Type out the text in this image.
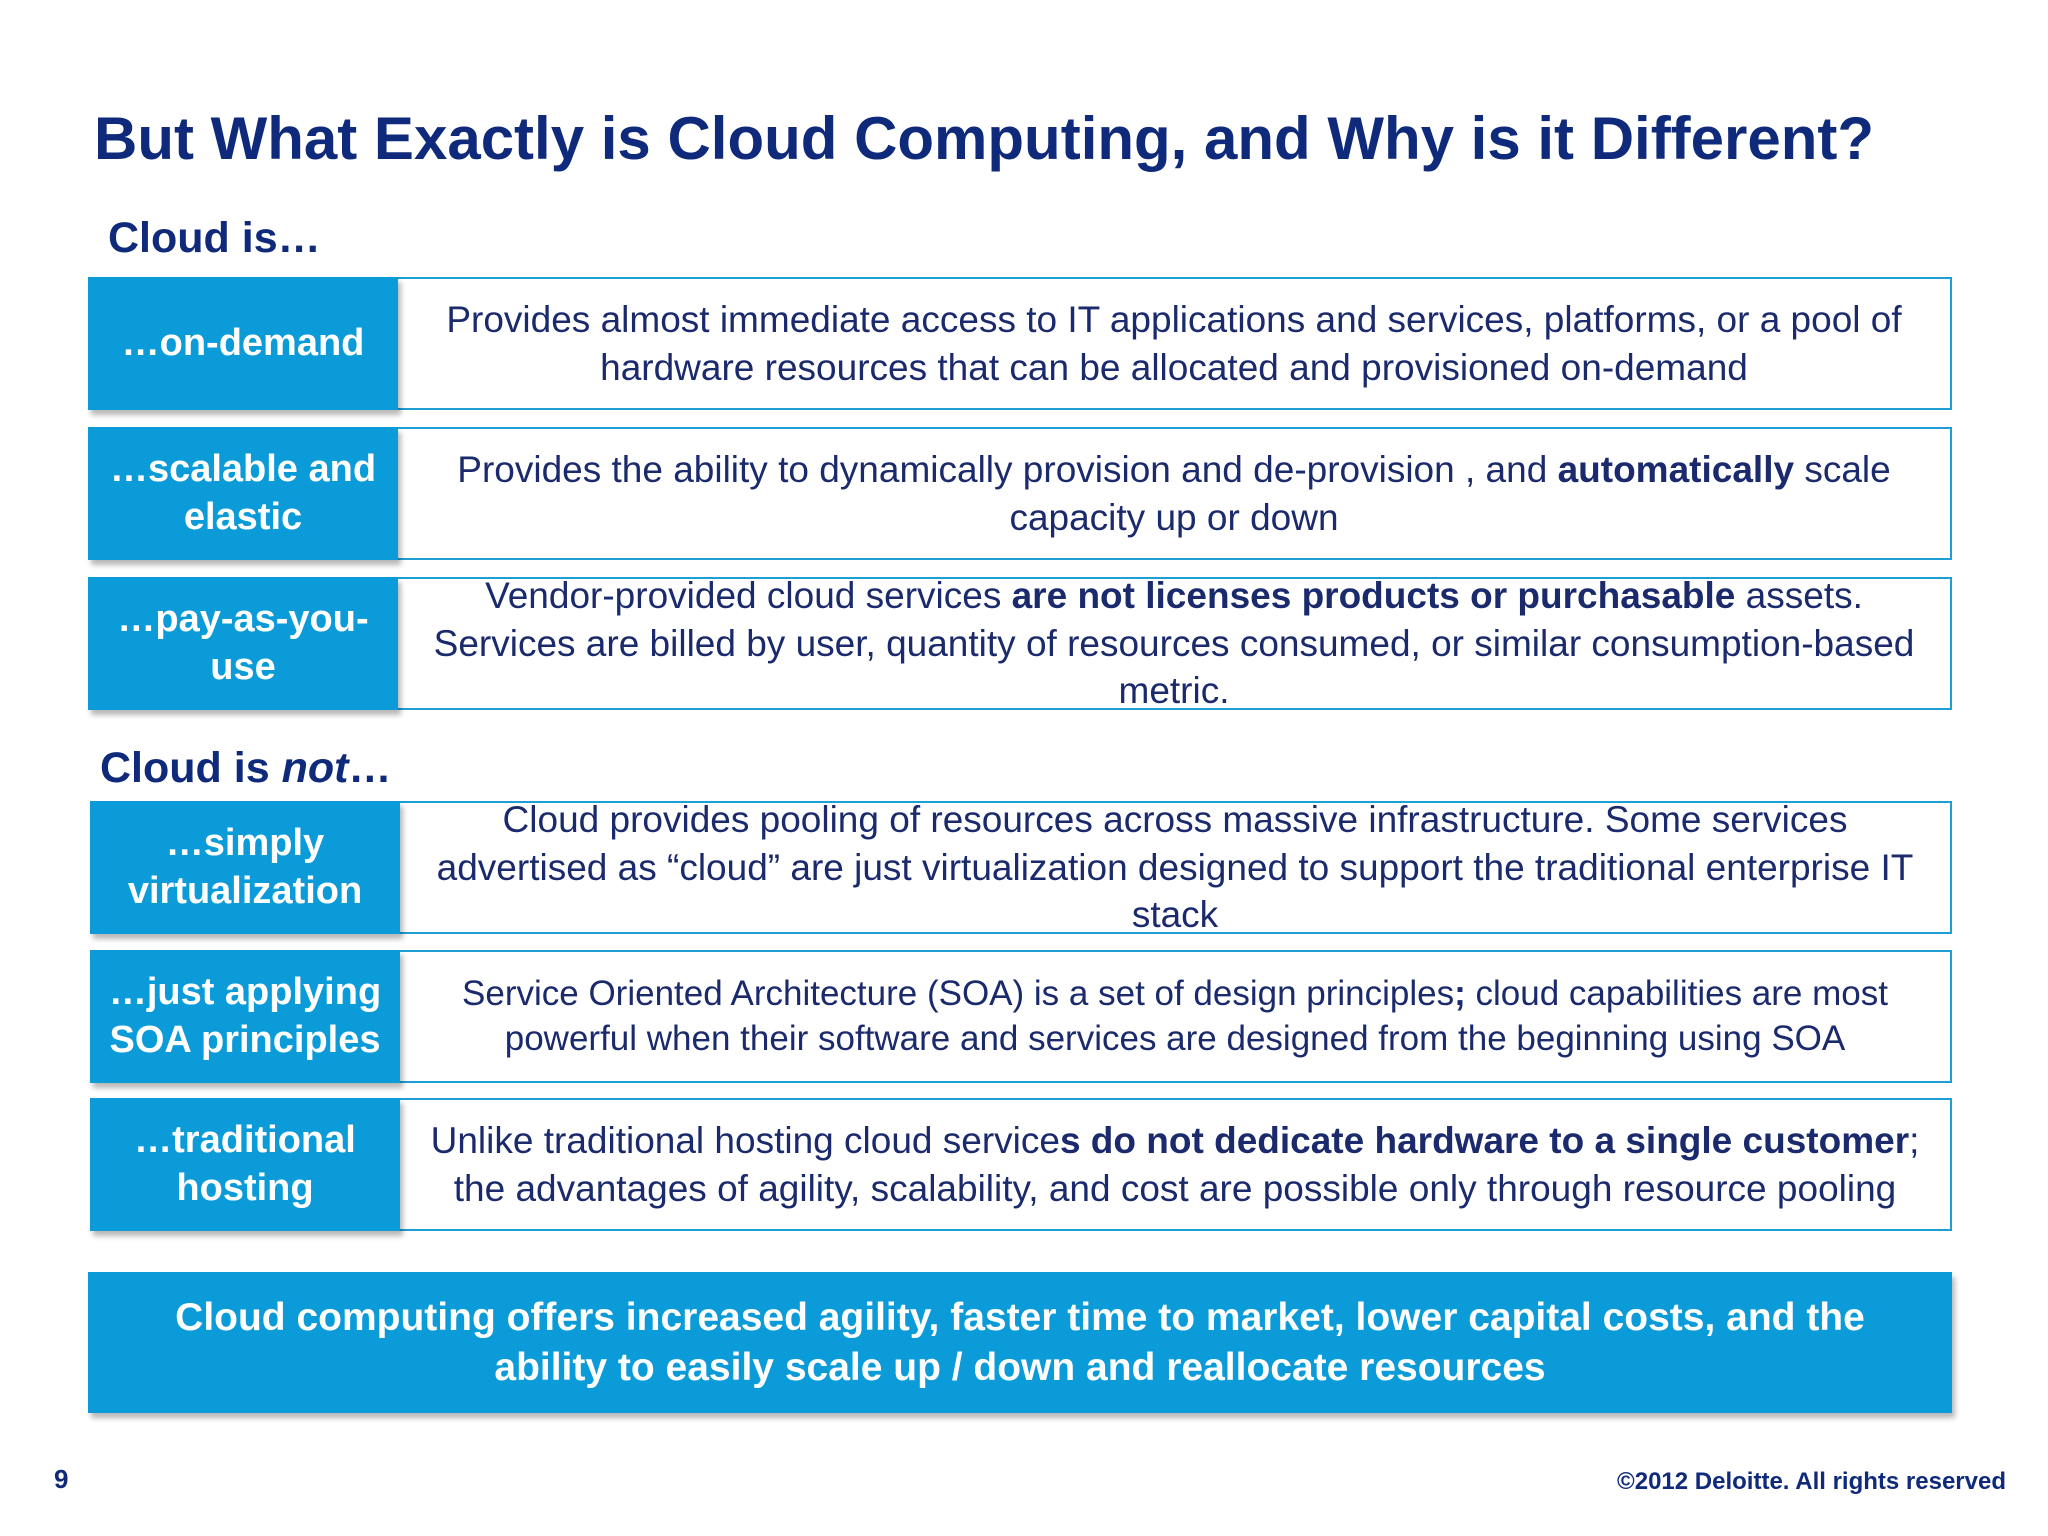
But What Exactly is Cloud Computing, and Why is it Different?
Cloud is…
…on-demand
Provides almost immediate access to IT applications and services, platforms, or a pool of hardware resources that can be allocated and provisioned on-demand
…scalable and elastic
Provides the ability to dynamically provision and de-provision , and automatically scale capacity up or down
…pay-as-you-use
Vendor-provided cloud services are not licenses products or purchasable assets. Services are billed by user, quantity of resources consumed, or similar consumption-based metric.
Cloud is not…
…simply virtualization
Cloud provides pooling of resources across massive infrastructure. Some services advertised as “cloud” are just virtualization designed to support the traditional enterprise IT stack
…just applying SOA principles
Service Oriented Architecture (SOA) is a set of design principles; cloud capabilities are most powerful when their software and services are designed from the beginning using SOA
…traditional hosting
Unlike traditional hosting cloud services do not dedicate hardware to a single customer; the advantages of agility, scalability, and cost are possible only through resource pooling
Cloud computing offers increased agility, faster time to market, lower capital costs, and the ability to easily scale up / down and reallocate resources
9	©2012 Deloitte. All rights reserved
